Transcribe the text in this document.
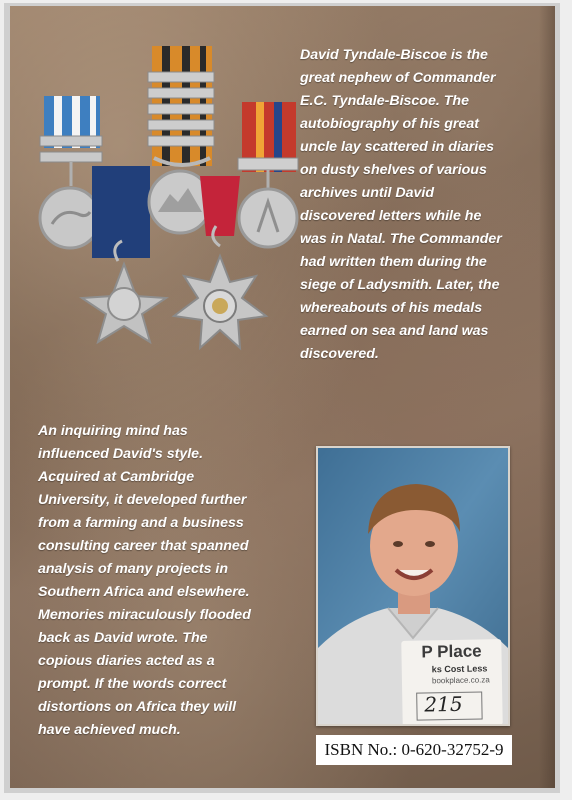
David Tyndale-Biscoe is the
great nephew of Commander
E.C. Tyndale-Biscoe. The
autobiography of his great
uncle lay scattered in diaries
on dusty shelves of various
archives until David
discovered letters while he
was in Natal. The Commander
had written them during the
siege of Ladysmith. Later, the
whereabouts of his medals
earned on sea and land was
discovered.
An inquiring mind has
influenced David's style.
Acquired at Cambridge
University, it developed further
from a farming and a business
consulting career that spanned
analysis of many projects in
Southern Africa and elsewhere.
Memories miraculously flooded
back as David wrote. The
copious diaries acted as a
prompt. If the words correct
distortions on Africa they will
have achieved much.
P Place
ks Cost Less
bookplace.co.za
215
ISBN No.: 0-620-32752-9
